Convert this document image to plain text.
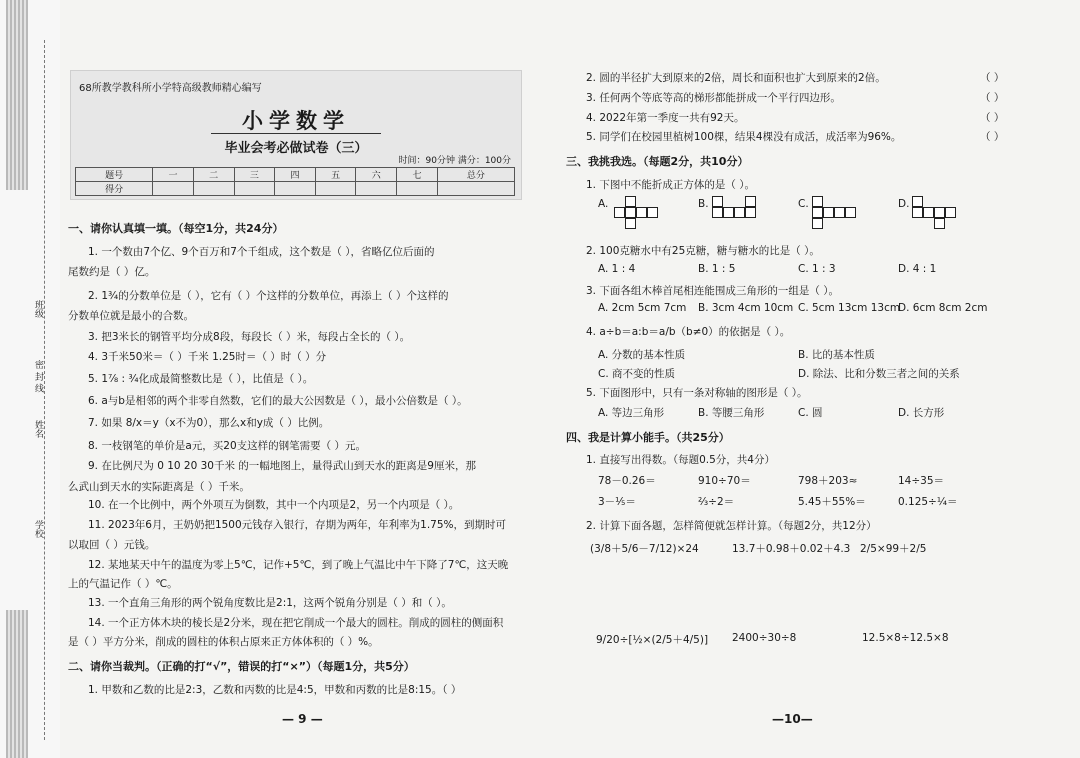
班级
密 封 线
姓名
学校
68所教学教科所小学特高级教师精心编写
小学数学
毕业会考必做试卷（三）
时间：90分钟 满分：100分
题号	一	二	三	四	五	六	七	总分
得分								
一、请你认真填一填。（每空1分，共24分）
1. 一个数由7个亿、9个百万和7个千组成，这个数是（ ），省略亿位后面的
尾数约是（ ）亿。
2. 1¾的分数单位是（ ），它有（ ）个这样的分数单位，再添上（ ）个这样的
分数单位就是最小的合数。
3. 把3米长的钢管平均分成8段，每段长（ ）米，每段占全长的（ ）。
4. 3千米50米＝（ ）千米 1.25时＝（ ）时（ ）分
5. 1⅞ : ¾化成最简整数比是（ ），比值是（ ）。
6. a与b是相邻的两个非零自然数，它们的最大公因数是（ ），最小公倍数是（ ）。
7. 如果 8/x＝y（x不为0），那么x和y成（ ）比例。
8. 一枝钢笔的单价是a元，买20支这样的钢笔需要（ ）元。
9. 在比例尺为 0 10 20 30千米 的一幅地图上，量得武山到天水的距离是9厘米，那
么武山到天水的实际距离是（ ）千米。
10. 在一个比例中，两个外项互为倒数，其中一个内项是2，另一个内项是（ ）。
11. 2023年6月，王奶奶把1500元钱存入银行，存期为两年，年利率为1.75%，到期时可
以取回（ ）元钱。
12. 某地某天中午的温度为零上5℃，记作+5℃，到了晚上气温比中午下降了7℃，这天晚
上的气温记作（ ）℃。
13. 一个直角三角形的两个锐角度数比是2:1，这两个锐角分别是（ ）和（ ）。
14. 一个正方体木块的棱长是2分米，现在把它削成一个最大的圆柱。削成的圆柱的侧面积
是（ ）平方分米，削成的圆柱的体积占原来正方体体积的（ ）%。
二、请你当裁判。（正确的打“√”，错误的打“×”）（每题1分，共5分）
1. 甲数和乙数的比是2:3，乙数和丙数的比是4:5，甲数和丙数的比是8:15。（ ）
— 9 —
2. 圆的半径扩大到原来的2倍，周长和面积也扩大到原来的2倍。	（ ）
3. 任何两个等底等高的梯形都能拼成一个平行四边形。	（ ）
4. 2022年第一季度一共有92天。	（ ）
5. 同学们在校园里植树100棵，结果4棵没有成活，成活率为96%。	（ ）
三、我挑我选。（每题2分，共10分）
1. 下图中不能折成正方体的是（ ）。
A.	B.	C.	D.
2. 100克糖水中有25克糖，糖与糖水的比是（ ）。
A. 1 : 4	B. 1 : 5	C. 1 : 3	D. 4 : 1
3. 下面各组木棒首尾相连能围成三角形的一组是（ ）。
A. 2cm 5cm 7cm B. 3cm 4cm 10cm C. 5cm 13cm 13cm
D. 6cm 8cm 2cm
4. a÷b＝a:b＝a/b（b≠0）的依据是（ ）。
A. 分数的基本性质	B. 比的基本性质
C. 商不变的性质	D. 除法、比和分数三者之间的关系
5. 下面图形中，只有一条对称轴的图形是（ ）。
A. 等边三角形	B. 等腰三角形	C. 圆	D. 长方形
四、我是计算小能手。（共25分）
1. 直接写出得数。（每题0.5分，共4分）
78－0.26＝	910÷70＝	798＋203≈	14÷35＝
3－⅕＝	⅔÷2＝	5.45＋55%＝	0.125÷¼＝
2. 计算下面各题，怎样简便就怎样计算。（每题2分，共12分）
(3/8＋5/6－7/12)×24	13.7＋0.98＋0.02＋4.3 2/5×99＋2/5
9/20÷[½×(2/5＋4/5)] 2400÷30÷8	12.5×8÷12.5×8
—10—
